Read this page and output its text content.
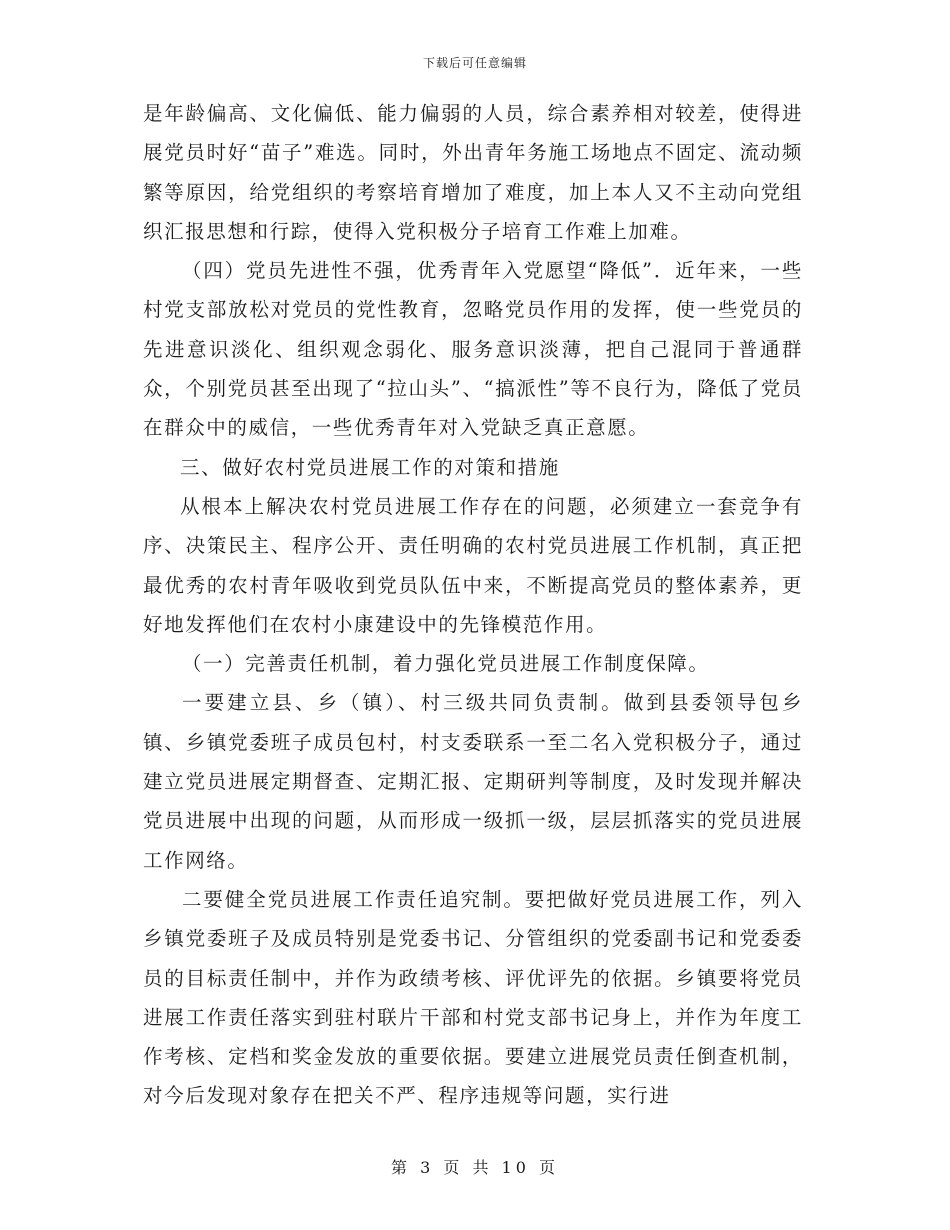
下载后可任意编辑

是年龄偏高、文化偏低、能力偏弱的人员，综合素养相对较差，使得进展党员时好“苗子”难选。同时，外出青年务施工场地点不固定、流动频繁等原因，给党组织的考察培育增加了难度，加上本人又不主动向党组织汇报思想和行踪，使得入党积极分子培育工作难上加难。

（四）党员先进性不强，优秀青年入党愿望“降低”．近年来，一些村党支部放松对党员的党性教育，忽略党员作用的发挥，使一些党员的先进意识淡化、组织观念弱化、服务意识淡薄，把自己混同于普通群众，个别党员甚至出现了“拉山头”、“搞派性”等不良行为，降低了党员在群众中的威信，一些优秀青年对入党缺乏真正意愿。

三、做好农村党员进展工作的对策和措施

从根本上解决农村党员进展工作存在的问题，必须建立一套竞争有序、决策民主、程序公开、责任明确的农村党员进展工作机制，真正把最优秀的农村青年吸收到党员队伍中来，不断提高党员的整体素养，更好地发挥他们在农村小康建设中的先锋模范作用。

（一）完善责任机制，着力强化党员进展工作制度保障。

一要建立县、乡（镇）、村三级共同负责制。做到县委领导包乡镇、乡镇党委班子成员包村，村支委联系一至二名入党积极分子，通过建立党员进展定期督查、定期汇报、定期研判等制度，及时发现并解决党员进展中出现的问题，从而形成一级抓一级，层层抓落实的党员进展工作网络。

二要健全党员进展工作责任追究制。要把做好党员进展工作，列入乡镇党委班子及成员特别是党委书记、分管组织的党委副书记和党委委员的目标责任制中，并作为政绩考核、评优评先的依据。乡镇要将党员进展工作责任落实到驻村联片干部和村党支部书记身上，并作为年度工作考核、定档和奖金发放的重要依据。要建立进展党员责任倒查机制，对今后发现对象存在把关不严、程序违规等问题，实行进

第 3 页 共 10 页
